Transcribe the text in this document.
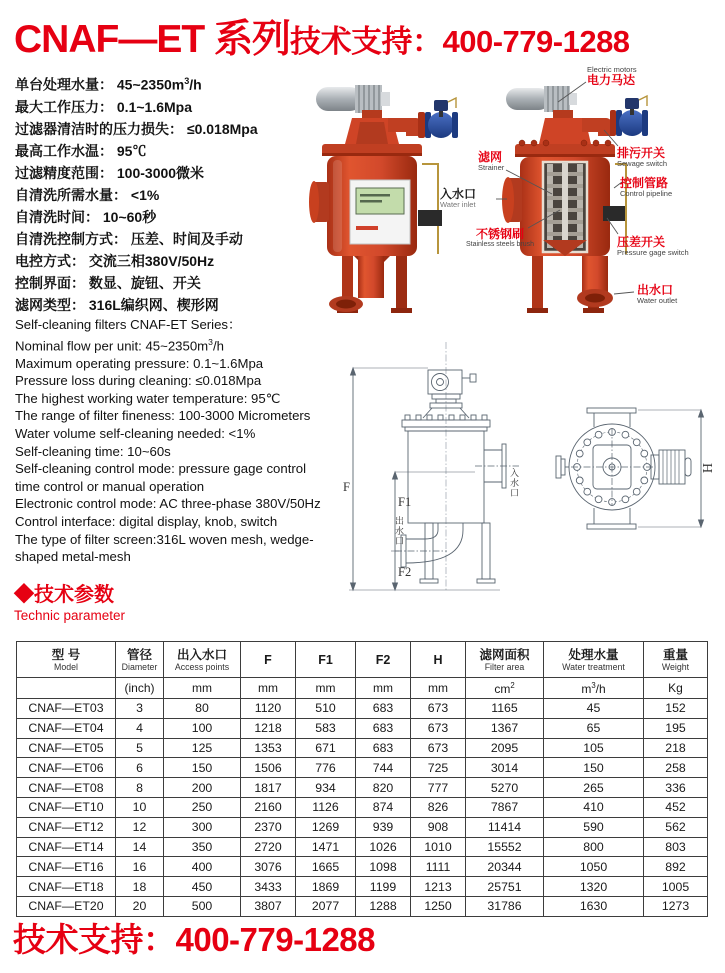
CNAF—ET 系列技术支持：400-779-1288
单台处理水量： $45\sim 2350m^3/h$
最大工作压力： 0.1~1.6Mpa
过滤器清洁时的压力损失： ≤0.018Mpa
最高工作水温： 95℃
过滤精度范围： 100-3000微米
自清洗所需水量： <1%
自清洗时间： 10~60秒
自清洗控制方式： 压差、时间及手动
电控方式： 交流三相380V/50Hz
控制界面： 数显、旋钮、开关
滤网类型： 316L编织网、楔形网
Self-cleaning filters CNAF-ET Series：
Nominal flow per unit: $45\sim 2350m^3/h$
Maximum operating pressure: 0.1~1.6Mpa
Pressure loss during cleaning: ≤0.018Mpa
The highest working water temperature: 95℃
The range of filter fineness: 100-3000 Micrometers
Water volume self-cleaning needed: <1%
Self-cleaning time: 10~60s
Self-cleaning control mode: pressure gage control
time control or manual operation
Electronic control mode: AC three-phase 380V/50Hz
Control interface: digital display, knob, switch
The type of filter screen:316L woven mesh, wedge-
shaped metal-mesh
Electric motors
电力马达
滤网
Strainer
入水口
Water inlet
不锈钢刷
Stainless steels brush
排污开关
Sewage switch
控制管路
Control pipeline
压差开关
Pressure gage switch
出水口
Water outlet
F
F1
F2
H
入水口
出水口
◆技术参数
Technic parameter
型 号
Model

管径
Diameter

出入水口
Access points	F	F1	F2	H	滤网面积
Filter area

处理水量
Water treatment

重量
Weight

	(inch)	mm	mm	mm	mm	mm	$cm^2$	$m^3/h$	Kg
CNAF—ET03	3	80	1120	510	683	673	1165	45	152
CNAF—ET04	4	100	1218	583	683	673	1367	65	195
CNAF—ET05	5	125	1353	671	683	673	2095	105	218
CNAF—ET06	6	150	1506	776	744	725	3014	150	258
CNAF—ET08	8	200	1817	934	820	777	5270	265	336
CNAF—ET10	10	250	2160	1126	874	826	7867	410	452
CNAF—ET12	12	300	2370	1269	939	908	11414	590	562
CNAF—ET14	14	350	2720	1471	1026	1010	15552	800	803
CNAF—ET16	16	400	3076	1665	1098	1111	20344	1050	892
CNAF—ET18	18	450	3433	1869	1199	1213	25751	1320	1005
CNAF—ET20	20	500	3807	2077	1288	1250	31786	1630	1273
技术支持：400-779-1288
